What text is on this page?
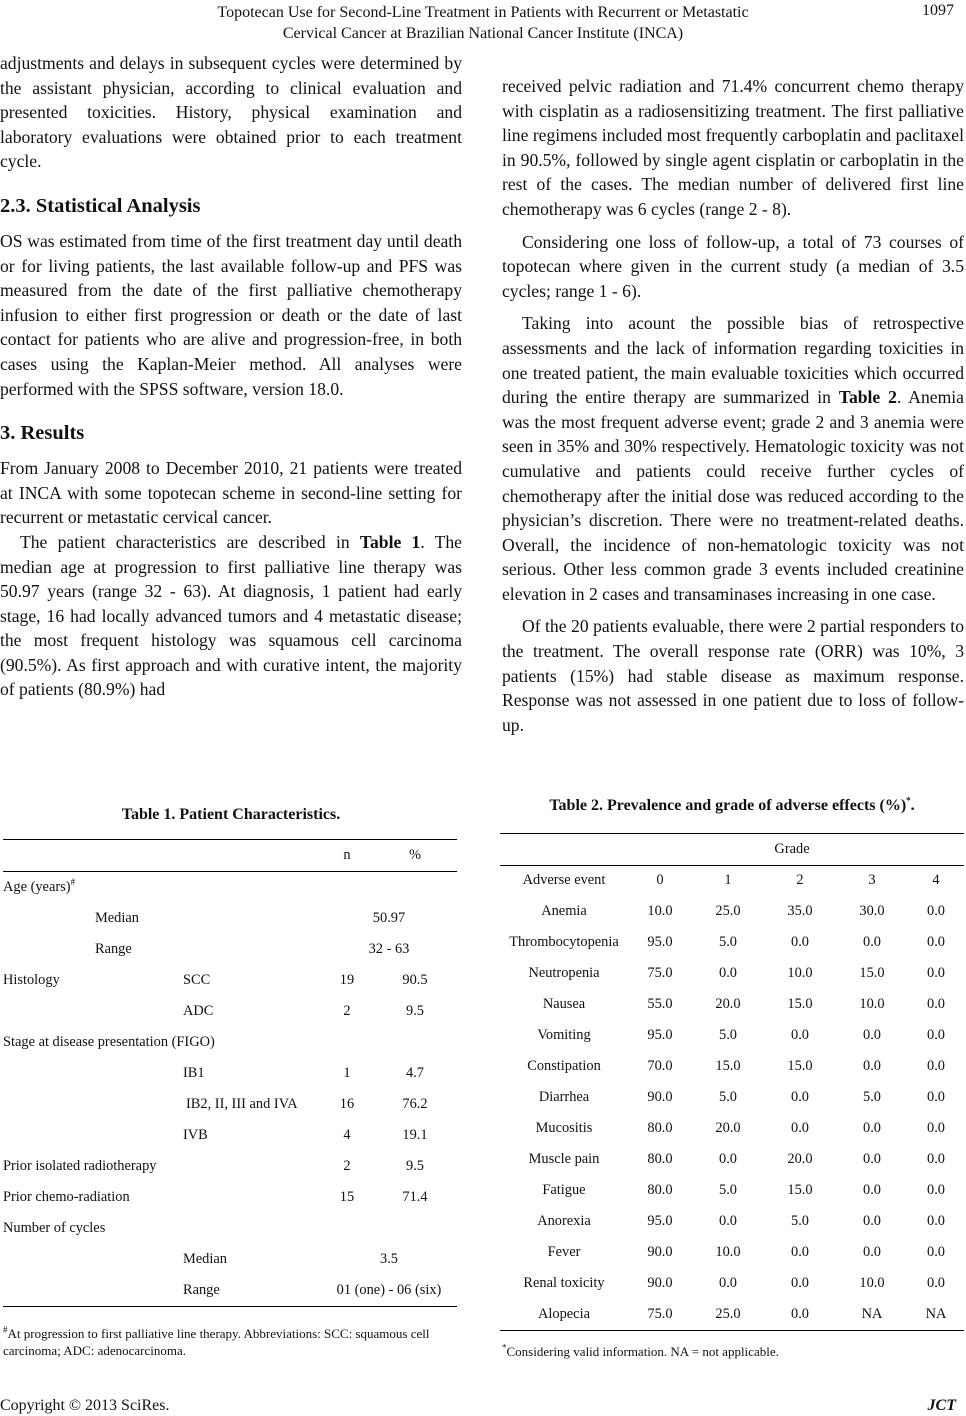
Topotecan Use for Second-Line Treatment in Patients with Recurrent or Metastatic
Cervical Cancer at Brazilian National Cancer Institute (INCA)
1097

adjustments and delays in subsequent cycles were determined by the assistant physician, according to clinical evaluation and presented toxicities. History, physical examination and laboratory evaluations were obtained prior to each treatment cycle.

2.3. Statistical Analysis

OS was estimated from time of the first treatment day until death or for living patients, the last available follow-up and PFS was measured from the date of the first palliative chemotherapy infusion to either first progression or death or the date of last contact for patients who are alive and progression-free, in both cases using the Kaplan-Meier method. All analyses were performed with the SPSS software, version 18.0.

3. Results

From January 2008 to December 2010, 21 patients were treated at INCA with some topotecan scheme in second-line setting for recurrent or metastatic cervical cancer.

The patient characteristics are described in Table 1. The median age at progression to first palliative line therapy was 50.97 years (range 32 - 63). At diagnosis, 1 patient had early stage, 16 had locally advanced tumors and 4 metastatic disease; the most frequent histology was squamous cell carcinoma (90.5%). As first approach and with curative intent, the majority of patients (80.9%) had

received pelvic radiation and 71.4% concurrent chemo therapy with cisplatin as a radiosensitizing treatment. The first palliative line regimens included most frequently carboplatin and paclitaxel in 90.5%, followed by single agent cisplatin or carboplatin in the rest of the cases. The median number of delivered first line chemotherapy was 6 cycles (range 2 - 8).

Considering one loss of follow-up, a total of 73 courses of topotecan where given in the current study (a median of 3.5 cycles; range 1 - 6).

Taking into acount the possible bias of retrospective assessments and the lack of information regarding toxicities in one treated patient, the main evaluable toxicities which occurred during the entire therapy are summarized in Table 2. Anemia was the most frequent adverse event; grade 2 and 3 anemia were seen in 35% and 30% respectively. Hematologic toxicity was not cumulative and patients could receive further cycles of chemotherapy after the initial dose was reduced according to the physician’s discretion. There were no treatment-related deaths. Overall, the incidence of non-hematologic toxicity was not serious. Other less common grade 3 events included creatinine elevation in 2 cases and transaminases increasing in one case.

Of the 20 patients evaluable, there were 2 partial responders to the treatment. The overall response rate (ORR) was 10%, 3 patients (15%) had stable disease as maximum response. Response was not assessed in one patient due to loss of follow-up.

Table 1. Patient Characteristics.
		n	%
Age (years)#
Median		50.97	
Range		32 - 63	
Histology	SCC	19	90.5
	ADC	2	9.5
Stage at disease presentation (FIGO)			
	IB1	1	4.7
	IB2, II, III and IVA	16	76.2
	IVB	4	19.1
Prior isolated radiotherapy		2	9.5
Prior chemo-radiation		15	71.4
Number of cycles			
	Median	3.5	
	Range	01 (one) - 06 (six)	
#At progression to first palliative line therapy. Abbreviations: SCC: squamous cell carcinoma; ADC: adenocarcinoma.
Table 2. Prevalence and grade of adverse effects (%)*.
Grade
Adverse event	0	1	2	3	4
Anemia	10.0	25.0	35.0	30.0	0.0
Thrombocytopenia	95.0	5.0	0.0	0.0	0.0
Neutropenia	75.0	0.0	10.0	15.0	0.0
Nausea	55.0	20.0	15.0	10.0	0.0
Vomiting	95.0	5.0	0.0	0.0	0.0
Constipation	70.0	15.0	15.0	0.0	0.0
Diarrhea	90.0	5.0	0.0	5.0	0.0
Mucositis	80.0	20.0	0.0	0.0	0.0
Muscle pain	80.0	0.0	20.0	0.0	0.0
Fatigue	80.0	5.0	15.0	0.0	0.0
Anorexia	95.0	0.0	5.0	0.0	0.0
Fever	90.0	10.0	0.0	0.0	0.0
Renal toxicity	90.0	0.0	0.0	10.0	0.0
Alopecia	75.0	25.0	0.0	NA	NA
*Considering valid information. NA = not applicable.
Copyright © 2013 SciRes.	JCT
